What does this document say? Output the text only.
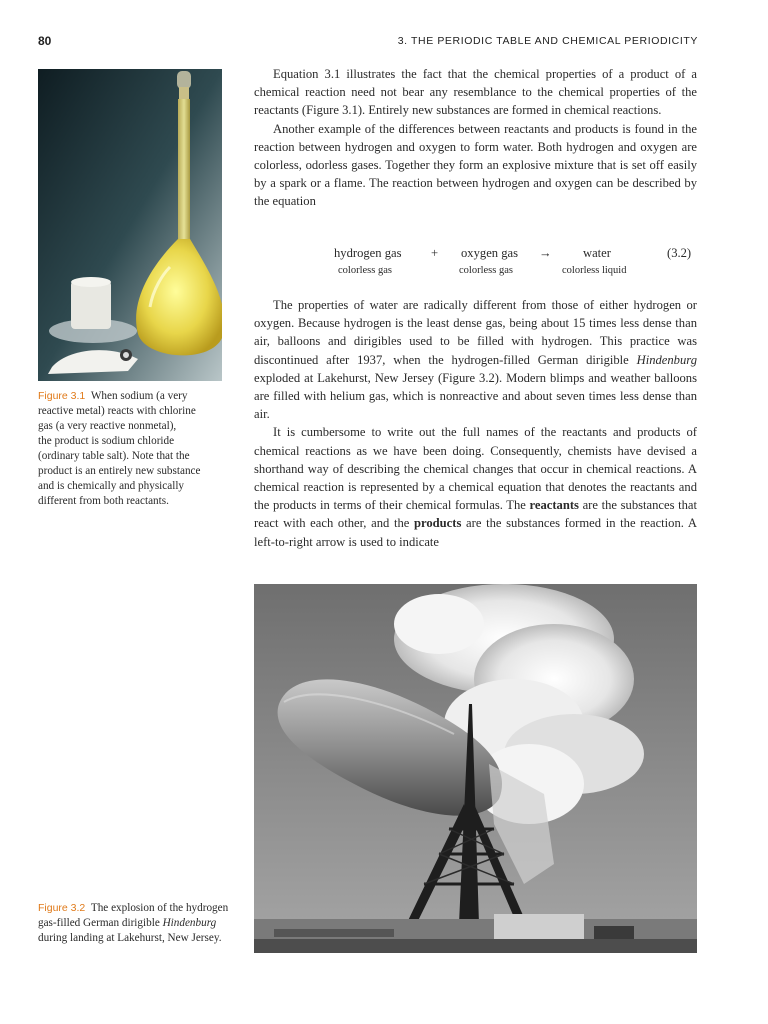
80	3. THE PERIODIC TABLE AND CHEMICAL PERIODICITY

Figure 3.1 When sodium (a very

reactive metal) reacts with chlorine

gas (a very reactive nonmetal),

the product is sodium chloride

(ordinary table salt). Note that the

product is an entirely new substance

and is chemically and physically

different from both reactants.

Equation 3.1 illustrates the fact that the chemical properties of a product of a chemical reaction need not bear any resemblance to the chemical properties of the reactants (Figure 3.1). Entirely new substances are formed in chemical reactions.

Another example of the differences between reactants and products is found in the reaction between hydrogen and oxygen to form water. Both hydrogen and oxygen are colorless, odorless gases. Together they form an explosive mixture that is set off easily by a spark or a flame. The reaction between hydrogen and oxygen can be described by the equation

hydrogen gas + oxygen gas → water	(3.2)
colorless gas	colorless gas	colorless liquid

The properties of water are radically different from those of either hydrogen or oxygen. Because hydrogen is the least dense gas, being about 15 times less dense than air, balloons and dirigibles used to be filled with hydrogen. This practice was discontinued after 1937, when the hydrogen-filled German dirigible Hindenburg exploded at Lakehurst, New Jersey (Figure 3.2). Modern blimps and weather balloons are filled with helium gas, which is nonreactive and about seven times less dense than air.

It is cumbersome to write out the full names of the reactants and products of chemical reactions as we have been doing. Consequently, chemists have devised a shorthand way of describing the chemical changes that occur in chemical reactions. A chemical reaction is represented by a chemical equation that denotes the reactants and the products in terms of their chemical formulas. The reactants are the substances that react with each other, and the products are the substances formed in the reaction. A left-to-right arrow is used to indicate

Figure 3.2 The explosion of the hydrogen gas-filled German dirigible Hindenburg during landing at Lakehurst, New Jersey.
